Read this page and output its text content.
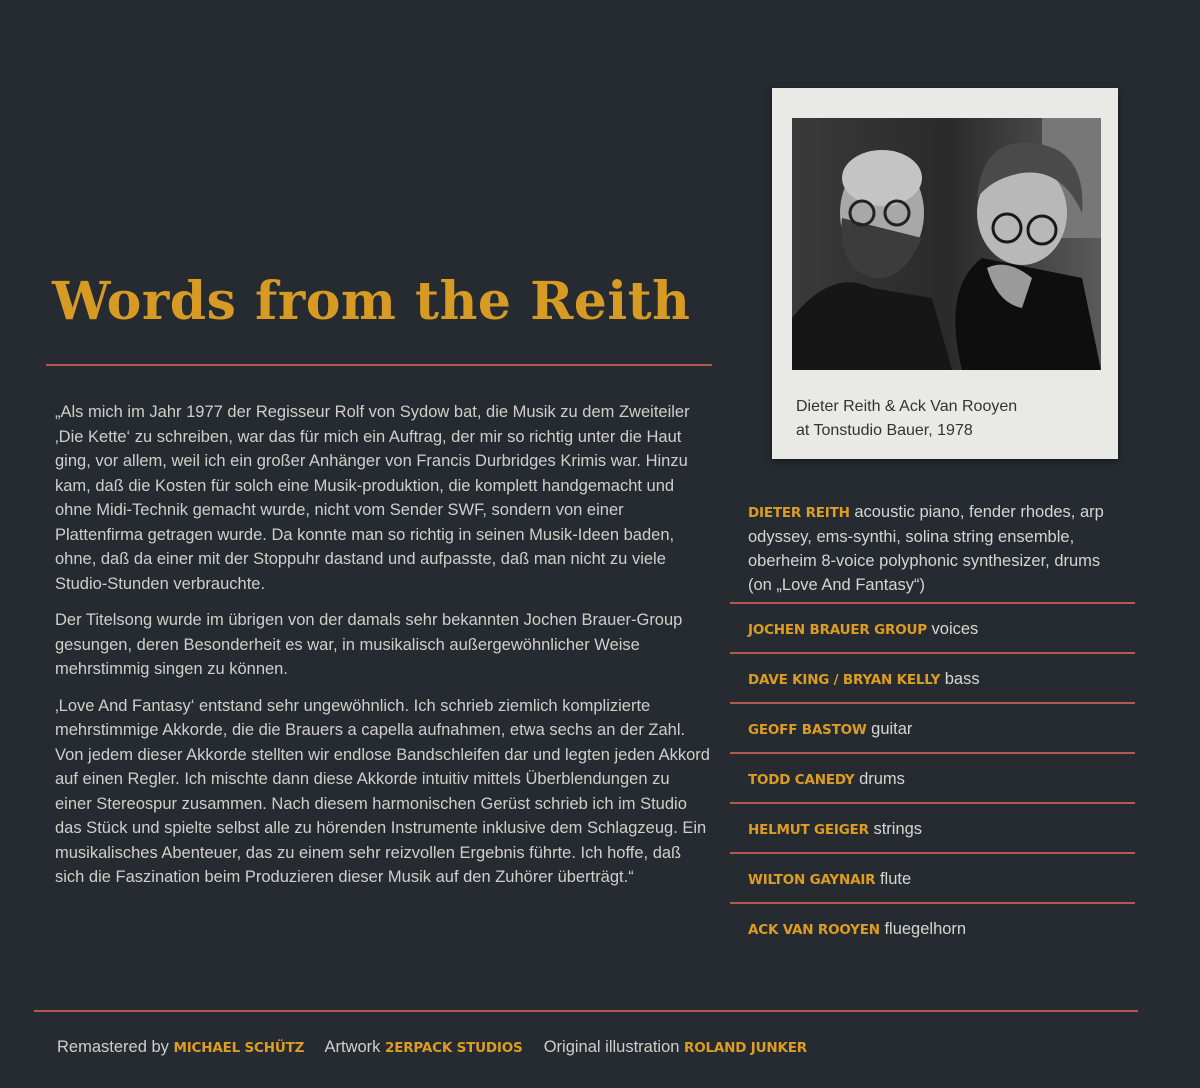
Words from the Reith

„Als mich im Jahr 1977 der Regisseur Rolf von Sydow bat, die Musik zu dem Zweiteiler ‚Die Kette‘ zu schreiben, war das für mich ein Auftrag, der mir so richtig unter die Haut ging, vor allem, weil ich ein großer Anhänger von Francis Durbridges Krimis war. Hinzu kam, daß die Kosten für solch eine Musik-produktion, die komplett handgemacht und ohne Midi-Technik gemacht wurde, nicht vom Sender SWF, sondern von einer Plattenfirma getragen wurde. Da konnte man so richtig in seinen Musik-Ideen baden, ohne, daß da einer mit der Stoppuhr dastand und aufpasste, daß man nicht zu viele Studio-Stunden verbrauchte.

Der Titelsong wurde im übrigen von der damals sehr bekannten Jochen Brauer-Group gesungen, deren Besonderheit es war, in musikalisch außergewöhnlicher Weise mehrstimmig singen zu können.

‚Love And Fantasy‘ entstand sehr ungewöhnlich. Ich schrieb ziemlich komplizierte mehrstimmige Akkorde, die die Brauers a capella aufnahmen, etwa sechs an der Zahl. Von jedem dieser Akkorde stellten wir endlose Bandschleifen dar und legten jeden Akkord auf einen Regler. Ich mischte dann diese Akkorde intuitiv mittels Überblendungen zu einer Stereospur zusammen. Nach diesem harmonischen Gerüst schrieb ich im Studio das Stück und spielte selbst alle zu hörenden Instrumente inklusive dem Schlagzeug. Ein musikalisches Abenteuer, das zu einem sehr reizvollen Ergebnis führte. Ich hoffe, daß sich die Faszination beim Produzieren dieser Musik auf den Zuhörer überträgt.“

Dieter Reith & Ack Van Rooyen
at Tonstudio Bauer, 1978
DIETER REITH acoustic piano, fender rhodes, arp odyssey, ems-synthi, solina string ensemble, oberheim 8-voice polyphonic synthesizer, drums (on „Love And Fantasy“)
JOCHEN BRAUER GROUP voices
DAVE KING / BRYAN KELLY bass
GEOFF BASTOW guitar
TODD CANEDY drums
HELMUT GEIGER strings
WILTON GAYNAIR flute
ACK VAN ROOYEN fluegelhorn
Remastered by MICHAEL SCHÜTZ Artwork 2ERPACK STUDIOS Original illustration ROLAND JUNKER
